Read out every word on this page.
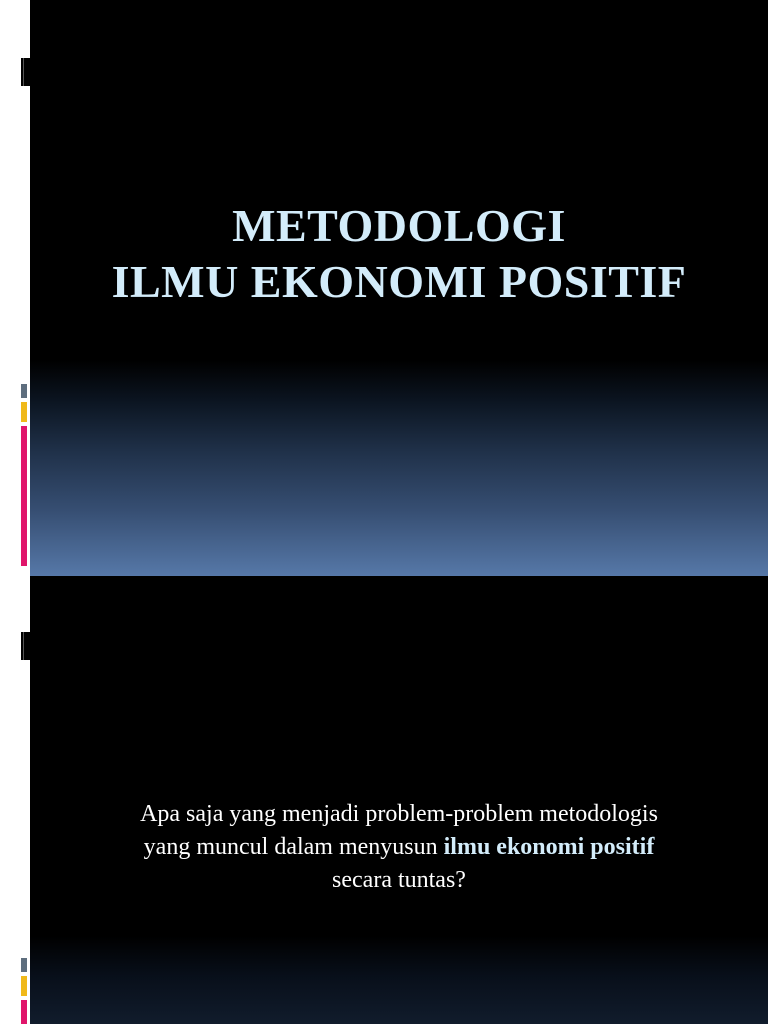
METODOLOGI
ILMU EKONOMI POSITIF
Apa saja yang menjadi problem-problem metodologis
yang muncul dalam menyusun ilmu ekonomi positif
secara tuntas?
